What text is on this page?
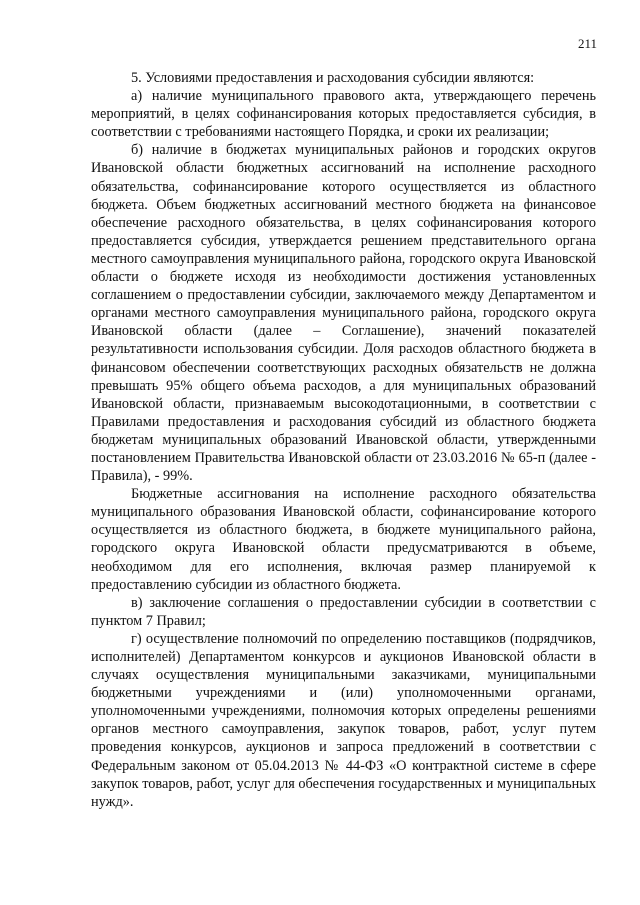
211

5. Условиями предоставления и расходования субсидии являются:

а) наличие муниципального правового акта, утверждающего перечень мероприятий, в целях софинансирования которых предоставляется субсидия, в соответствии с требованиями настоящего Порядка, и сроки их реализации;

б) наличие в бюджетах муниципальных районов и городских округов Ивановской области бюджетных ассигнований на исполнение расходного обязательства, софинансирование которого осуществляется из областного бюджета. Объем бюджетных ассигнований местного бюджета на финансовое обеспечение расходного обязательства, в целях софинансирования которого предоставляется субсидия, утверждается решением представительного органа местного самоуправления муниципального района, городского округа Ивановской области о бюджете исходя из необходимости достижения установленных соглашением о предоставлении субсидии, заключаемого между Департаментом и органами местного самоуправления муниципального района, городского округа Ивановской области (далее – Соглашение), значений показателей результативности использования субсидии. Доля расходов областного бюджета в финансовом обеспечении соответствующих расходных обязательств не должна превышать 95% общего объема расходов, а для муниципальных образований Ивановской области, признаваемым высокодотационными, в соответствии с Правилами предоставления и расходования субсидий из областного бюджета бюджетам муниципальных образований Ивановской области, утвержденными постановлением Правительства Ивановской области от 23.03.2016 № 65-п (далее - Правила), - 99%.

Бюджетные ассигнования на исполнение расходного обязательства муниципального образования Ивановской области, софинансирование которого осуществляется из областного бюджета, в бюджете муниципального района, городского округа Ивановской области предусматриваются в объеме, необходимом для его исполнения, включая размер планируемой к предоставлению субсидии из областного бюджета.

в) заключение соглашения о предоставлении субсидии в соответствии с пунктом 7 Правил;

г) осуществление полномочий по определению поставщиков (подрядчиков, исполнителей) Департаментом конкурсов и аукционов Ивановской области в случаях осуществления муниципальными заказчиками, муниципальными бюджетными учреждениями и (или) уполномоченными органами, уполномоченными учреждениями, полномочия которых определены решениями органов местного самоуправления, закупок товаров, работ, услуг путем проведения конкурсов, аукционов и запроса предложений в соответствии с Федеральным законом от 05.04.2013 № 44-ФЗ «О контрактной системе в сфере закупок товаров, работ, услуг для обеспечения государственных и муниципальных нужд».
